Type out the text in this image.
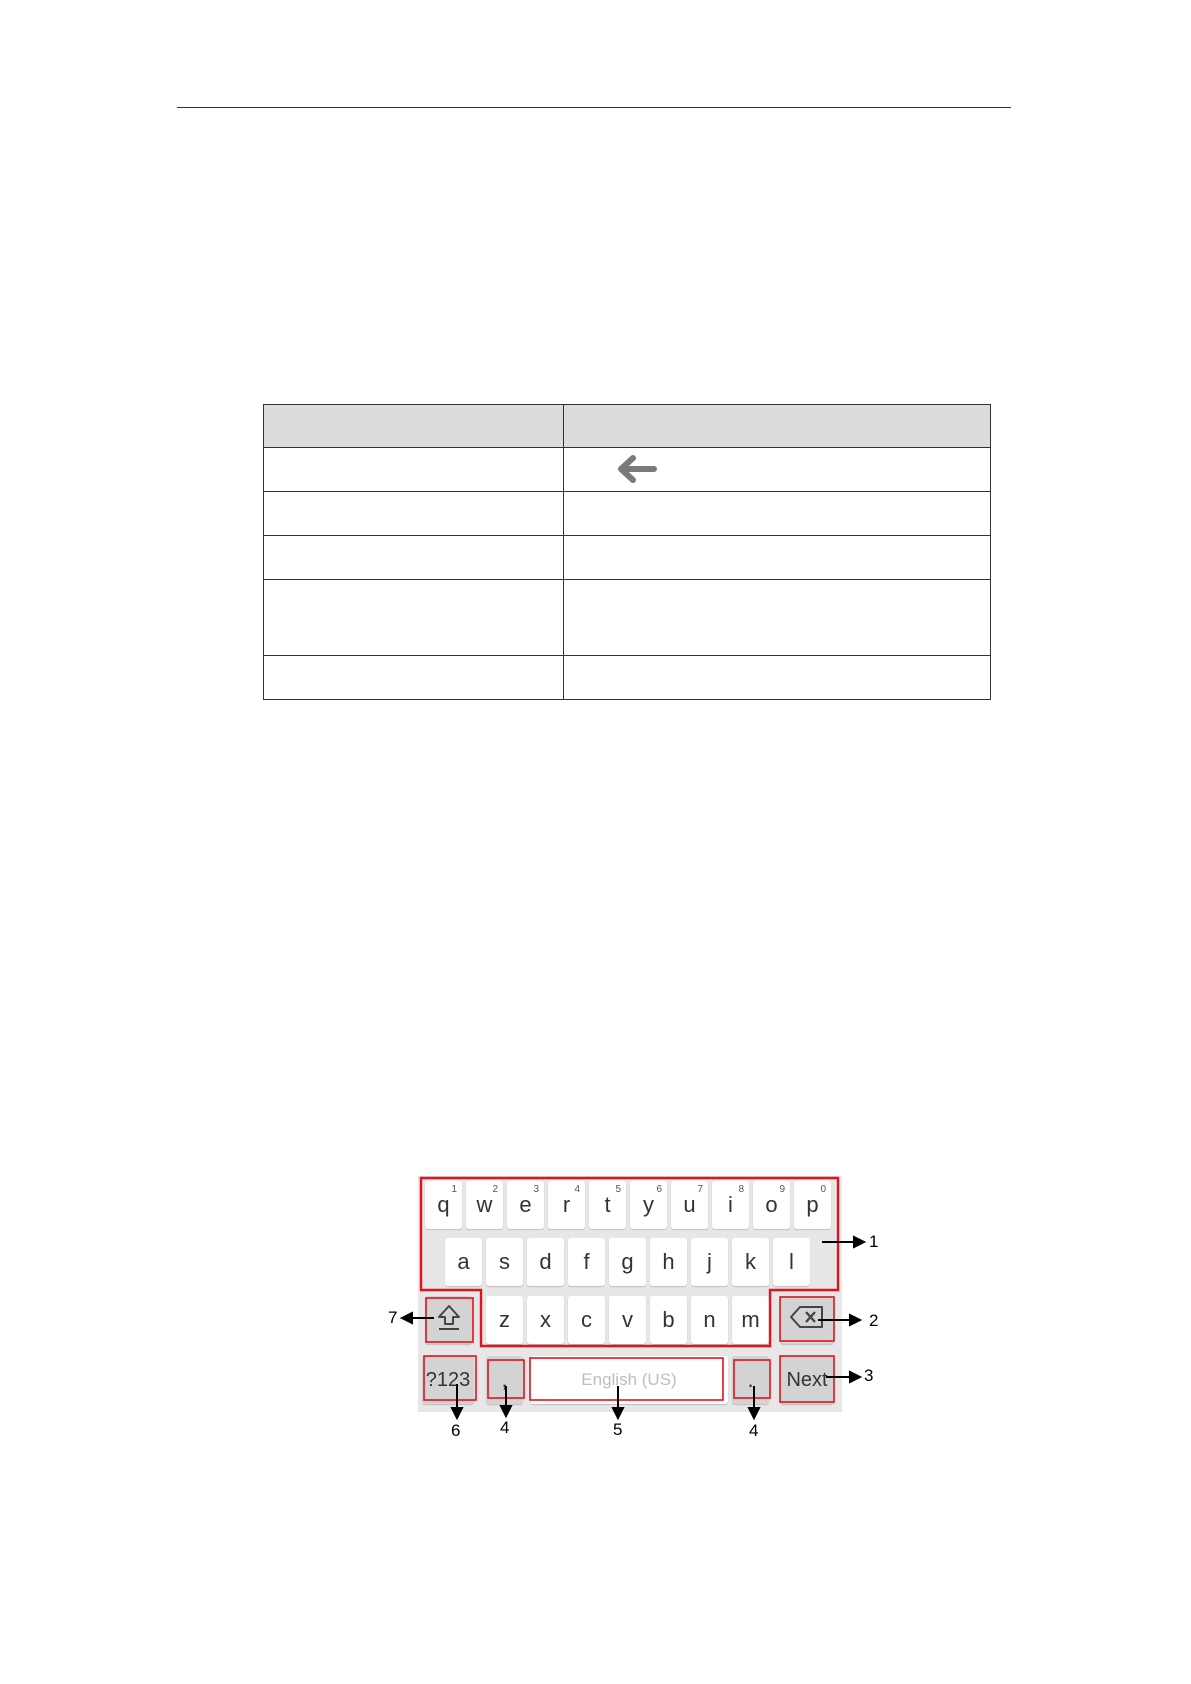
q
1
w
2
e
3
r
4
t
5
y
6
u
7
i
8
o
9
p
0
a	s	d	f	g	h	j	k	l
z	x	c	v	b	n	m
?123	,	English (US)	.	Next
1
2
3
4	5
6	4
7
